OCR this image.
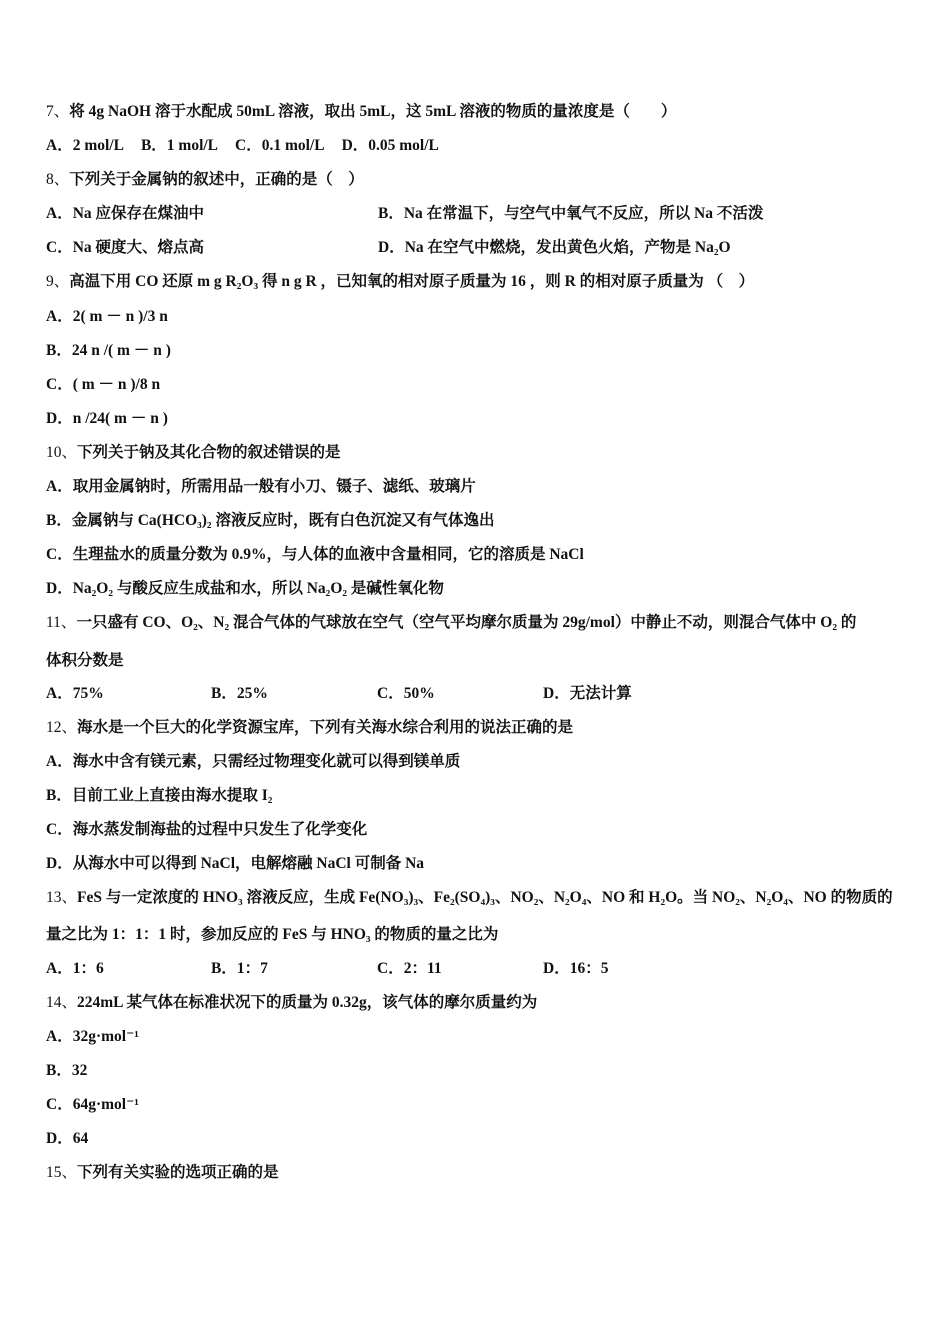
7、将 4g NaOH 溶于水配成 50mL 溶液，取出 5mL，这 5mL 溶液的物质的量浓度是（　　）
A．2 mol/L B．1 mol/L C．0.1 mol/L D．0.05 mol/L
8、下列关于金属钠的叙述中，正确的是（　）
A．Na 应保存在煤油中	B．Na 在常温下，与空气中氧气不反应，所以 Na 不活泼
C．Na 硬度大、熔点高	D．Na 在空气中燃烧，发出黄色火焰，产物是 Na₂O
9、高温下用 CO 还原 m g R₂O₃ 得 n g R ，已知氧的相对原子质量为 16 ，则 R 的相对原子质量为 （　）
A．2( m － n )/3 n
B．24 n /( m － n )
C．( m － n )/8 n
D．n /24( m － n )
10、下列关于钠及其化合物的叙述错误的是
A．取用金属钠时，所需用品一般有小刀、镊子、滤纸、玻璃片
B．金属钠与 Ca(HCO₃)₂ 溶液反应时，既有白色沉淀又有气体逸出
C．生理盐水的质量分数为 0.9%，与人体的血液中含量相同，它的溶质是 NaCl
D．Na₂O₂ 与酸反应生成盐和水，所以 Na₂O₂ 是碱性氧化物
11、一只盛有 CO、O₂、N₂ 混合气体的气球放在空气（空气平均摩尔质量为 29g/mol）中静止不动，则混合气体中 O₂ 的
体积分数是
A．75%	B．25%	C．50%	D．无法计算
12、海水是一个巨大的化学资源宝库，下列有关海水综合利用的说法正确的是
A．海水中含有镁元素，只需经过物理变化就可以得到镁单质
B．目前工业上直接由海水提取 I₂
C．海水蒸发制海盐的过程中只发生了化学变化
D．从海水中可以得到 NaCl，电解熔融 NaCl 可制备 Na
13、FeS 与一定浓度的 HNO₃ 溶液反应，生成 Fe(NO₃)₃、Fe₂(SO₄)₃、NO₂、N₂O₄、NO 和 H₂O。当 NO₂、N₂O₄、NO 的物质的
量之比为 1：1：1 时，参加反应的 FeS 与 HNO₃ 的物质的量之比为
A．1：6	B．1：7	C．2：11	D．16：5
14、224mL 某气体在标准状况下的质量为 0.32g，该气体的摩尔质量约为
A．32g·mol⁻¹
B．32
C．64g·mol⁻¹
D．64
15、下列有关实验的选项正确的是
